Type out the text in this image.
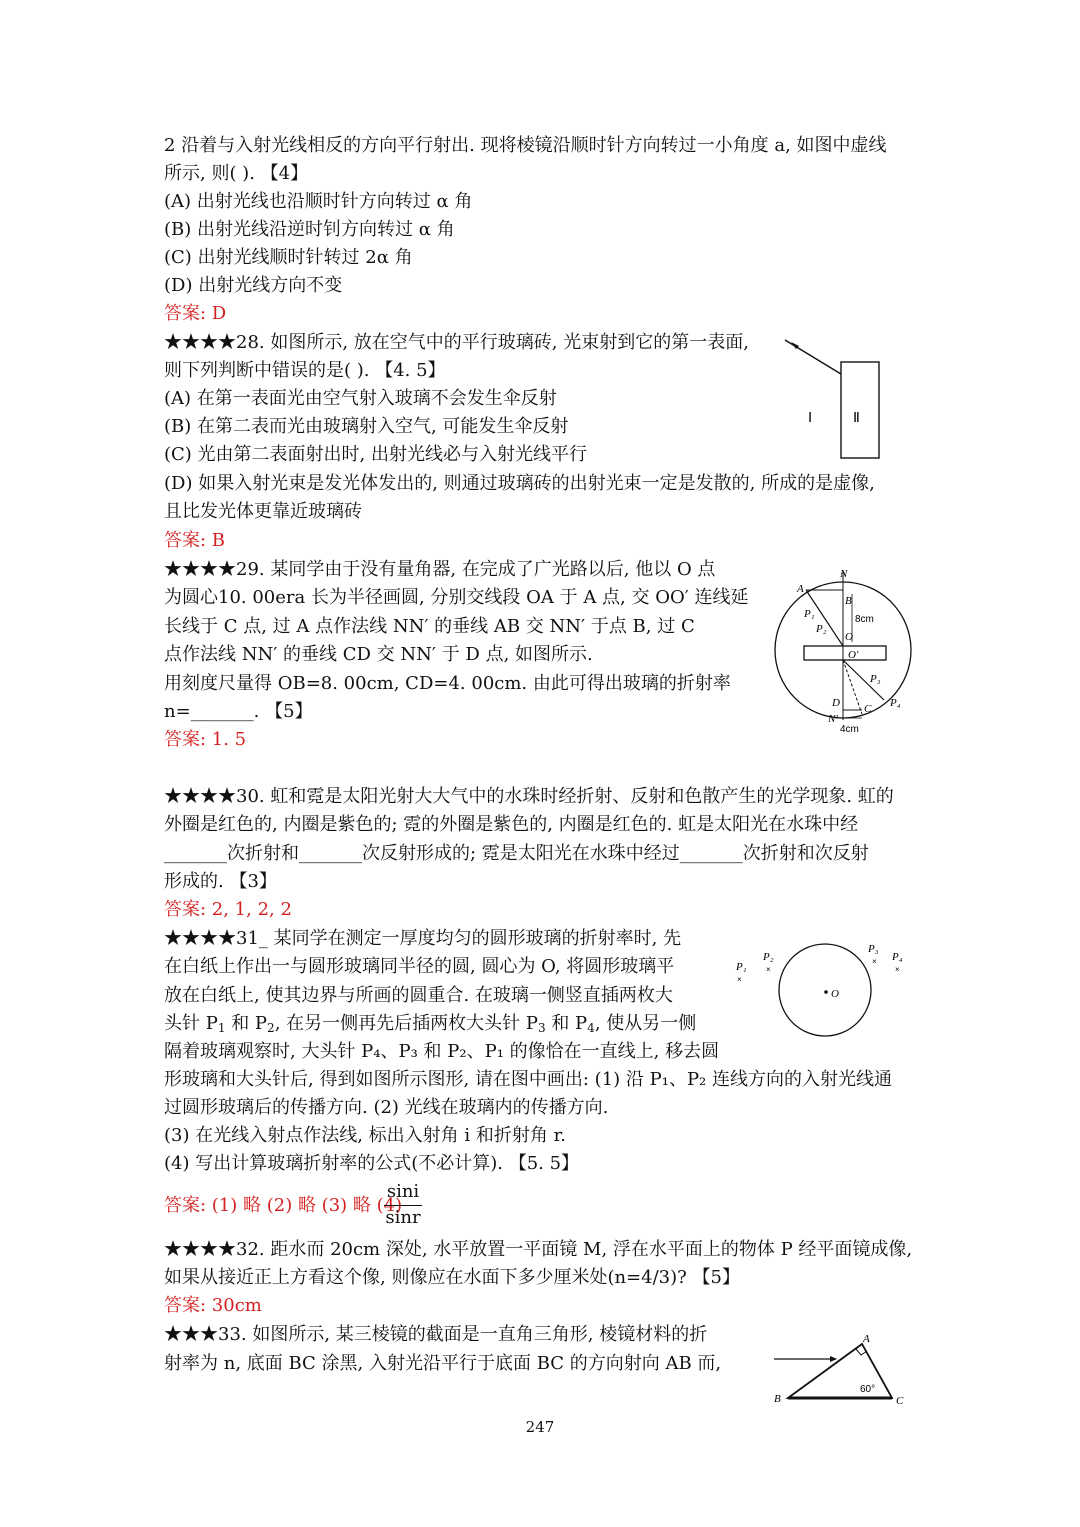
2 沿着与入射光线相反的方向平行射出. 现将棱镜沿顺时针方向转过一小角度 a, 如图中虚线
所示, 则( ). 【4】
(A) 出射光线也沿顺时针方向转过 α 角
(B) 出射光线沿逆时钊方向转过 α 角
(C) 出射光线顺时针转过 2α 角
(D) 出射光线方向不变
答案: D
★★★★28. 如图所示, 放在空气中的平行玻璃砖, 光束射到它的第一表面,
则下列判断中错误的是( ). 【4. 5】
(A) 在第一表面光由空气射入玻璃不会发生伞反射
(B) 在第二表而光由玻璃射入空气, 可能发生伞反射
(C) 光由第二表面射出时, 出射光线必与入射光线平行
(D) 如果入射光束是发光体发出的, 则通过玻璃砖的出射光束一定是发散的, 所成的是虚像,
且比发光体更靠近玻璃砖
答案: B
★★★★29. 某同学由于没有量角器, 在完成了广光路以后, 他以 O 点
为圆心10. 00era 长为半径画圆, 分别交线段 OA 于 A 点, 交 OO′ 连线延
长线于 C 点, 过 A 点作法线 NN′ 的垂线 AB 交 NN′ 于点 B, 过 C
点作法线 NN′ 的垂线 CD 交 NN′ 于 D 点, 如图所示.
用刻度尺量得 OB=8. 00cm, CD=4. 00cm. 由此可得出玻璃的折射率
n=_______. 【5】
答案: 1. 5
★★★★30. 虹和霓是太阳光射大大气中的水珠时经折射、反射和色散产生的光学现象. 虹的
外圈是红色的, 内圈是紫色的; 霓的外圈是紫色的, 内圈是红色的. 虹是太阳光在水珠中经
_______次折射和_______次反射形成的; 霓是太阳光在水珠中经过_______次折射和次反射
形成的. 【3】
答案: 2, 1, 2, 2
★★★★31_ 某同学在测定一厚度均匀的圆形玻璃的折射率时, 先
在白纸上作出一与圆形玻璃同半径的圆, 圆心为 O, 将圆形玻璃平
放在白纸上, 使其边界与所画的圆重合. 在玻璃一侧竖直插两枚大
头针 $P_1$ 和 $P_2$, 在另一侧再先后插两枚大头针 $P_3$ 和 $P_4$, 使从另一侧
隔着玻璃观察时, 大头针 P₄、P₃ 和 P₂、P₁ 的像恰在一直线上, 移去圆
形玻璃和大头针后, 得到如图所示图形, 请在图中画出: (1) 沿 P₁、P₂ 连线方向的入射光线通
过圆形玻璃后的传播方向. (2) 光线在玻璃内的传播方向.
(3) 在光线入射点作法线, 标出入射角 i 和折射角 r.
(4) 写出计算玻璃折射率的公式(不必计算). 【5. 5】
答案: (1) 略 (2) 略 (3) 略 (4)
$\frac{\sin i}{\sin r}$
★★★★32. 距水而 20cm 深处, 水平放置一平面镜 M, 浮在水平面上的物体 P 经平面镜成像,
如果从接近正上方看这个像, 则像应在水面下多少厘米处(n=4/3)? 【5】
答案: 30cm
★★★33. 如图所示, 某三棱镜的截面是一直角三角形, 棱镜材料的折
射率为 n, 底面 BC 涂黑, 入射光沿平行于底面 BC 的方向射向 AB 而,
247
Ⅰ	Ⅱ
N
A
B
P₁
P₂
O
O′
P₃
P₄
D C
N′
8cm
4cm
P₁
P₂
P₃
P₄
O
×
×
×
×
A
B	C
60°
